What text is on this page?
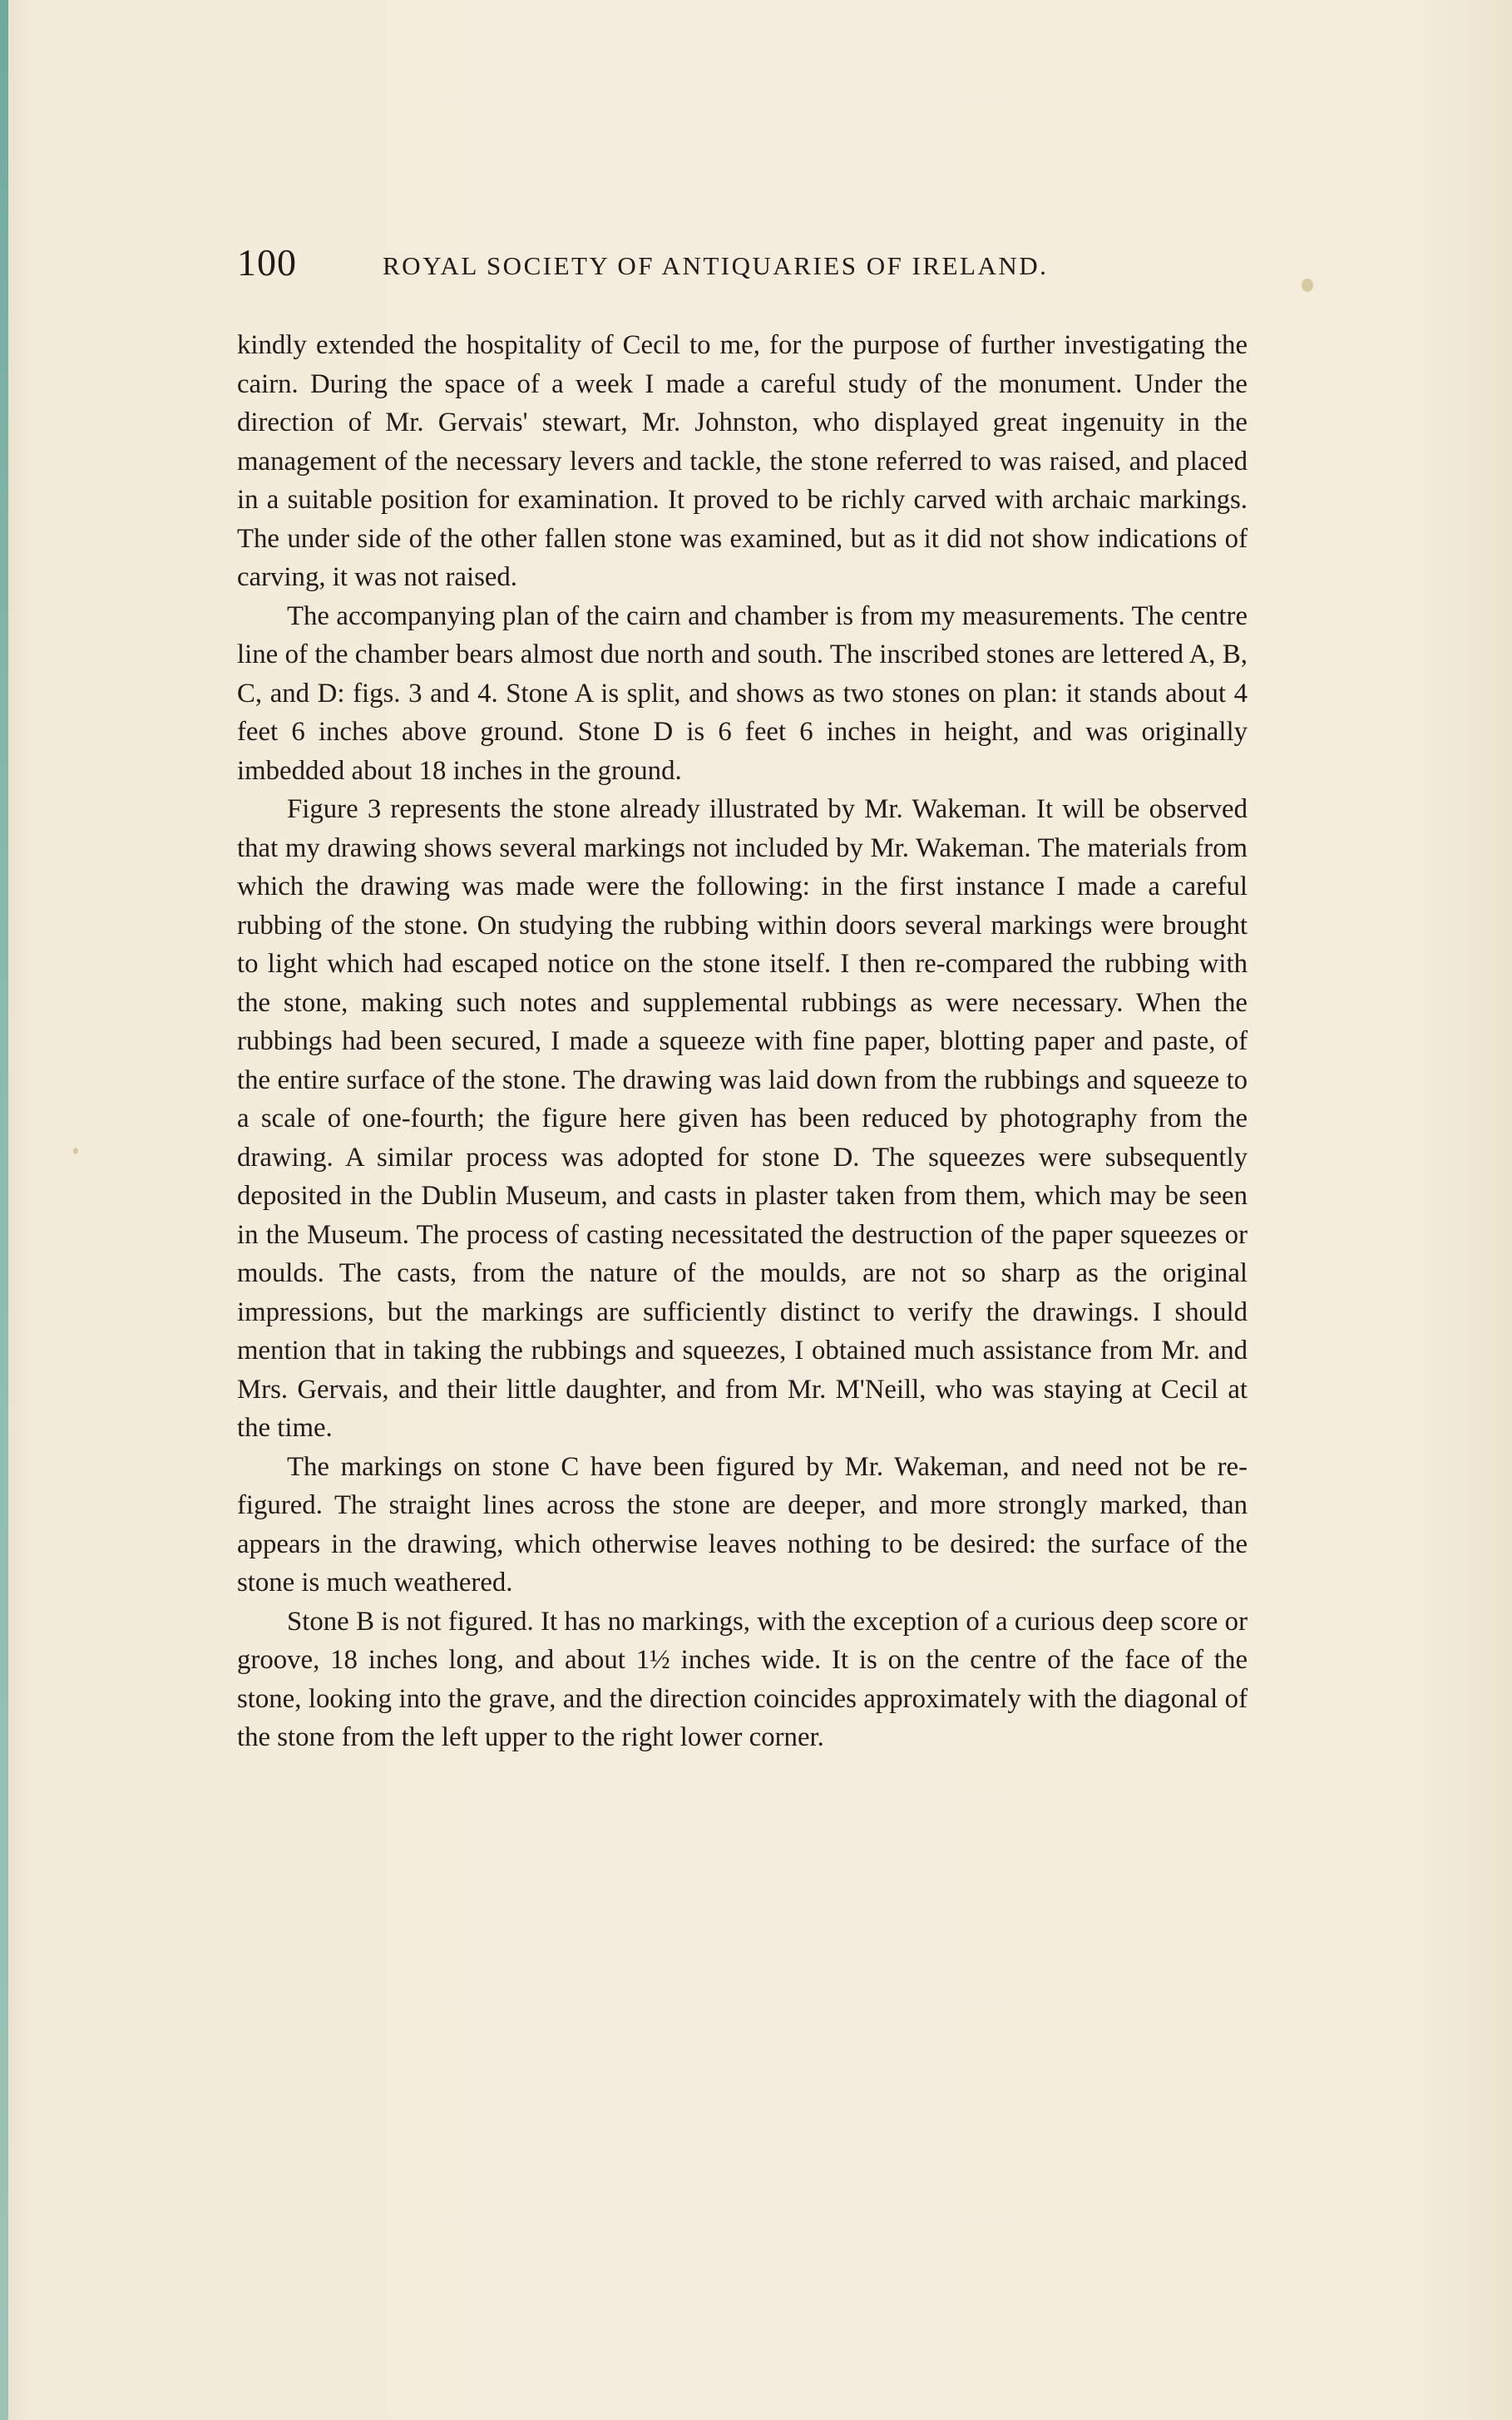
100	ROYAL SOCIETY OF ANTIQUARIES OF IRELAND.

kindly extended the hospitality of Cecil to me, for the purpose of further investigating the cairn. During the space of a week I made a careful study of the monument. Under the direction of Mr. Gervais' stewart, Mr. Johnston, who displayed great ingenuity in the management of the necessary levers and tackle, the stone referred to was raised, and placed in a suitable position for examination. It proved to be richly carved with archaic markings. The under side of the other fallen stone was examined, but as it did not show indications of carving, it was not raised.

The accompanying plan of the cairn and chamber is from my measurements. The centre line of the chamber bears almost due north and south. The inscribed stones are lettered A, B, C, and D: figs. 3 and 4. Stone A is split, and shows as two stones on plan: it stands about 4 feet 6 inches above ground. Stone D is 6 feet 6 inches in height, and was originally imbedded about 18 inches in the ground.

Figure 3 represents the stone already illustrated by Mr. Wakeman. It will be observed that my drawing shows several markings not included by Mr. Wakeman. The materials from which the drawing was made were the following: in the first instance I made a careful rubbing of the stone. On studying the rubbing within doors several markings were brought to light which had escaped notice on the stone itself. I then re-compared the rubbing with the stone, making such notes and supplemental rubbings as were necessary. When the rubbings had been secured, I made a squeeze with fine paper, blotting paper and paste, of the entire surface of the stone. The drawing was laid down from the rubbings and squeeze to a scale of one-fourth; the figure here given has been reduced by photography from the drawing. A similar process was adopted for stone D. The squeezes were subsequently deposited in the Dublin Museum, and casts in plaster taken from them, which may be seen in the Museum. The process of casting necessitated the destruction of the paper squeezes or moulds. The casts, from the nature of the moulds, are not so sharp as the original impressions, but the markings are sufficiently distinct to verify the drawings. I should mention that in taking the rubbings and squeezes, I obtained much assistance from Mr. and Mrs. Gervais, and their little daughter, and from Mr. M'Neill, who was staying at Cecil at the time.

The markings on stone C have been figured by Mr. Wakeman, and need not be re-figured. The straight lines across the stone are deeper, and more strongly marked, than appears in the drawing, which otherwise leaves nothing to be desired: the surface of the stone is much weathered.

Stone B is not figured. It has no markings, with the exception of a curious deep score or groove, 18 inches long, and about 1½ inches wide. It is on the centre of the face of the stone, looking into the grave, and the direction coincides approximately with the diagonal of the stone from the left upper to the right lower corner.
